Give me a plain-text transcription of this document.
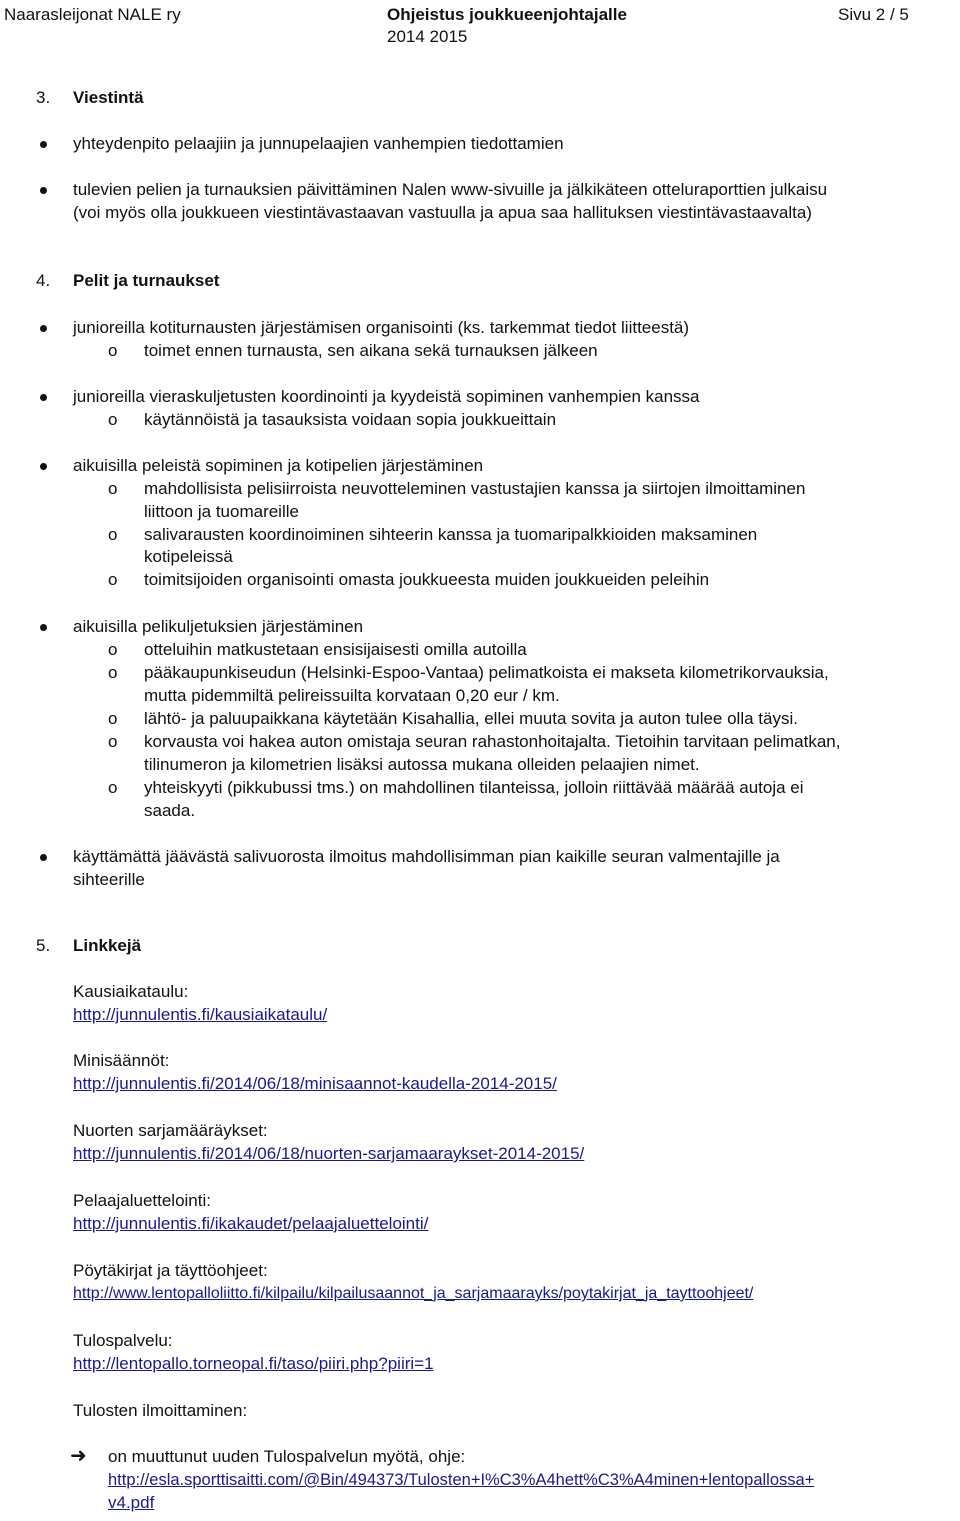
Naarasleijonat NALE ry	Ohjeistus joukkueenjohtajalle
2014 2015
Sivu 2 / 5
3. Viestintä
yhteydenpito pelaajiin ja junnupelaajien vanhempien tiedottamien
tulevien pelien ja turnauksien päivittäminen Nalen www-sivuille ja jälkikäteen otteluraporttien julkaisu
(voi myös olla joukkueen viestintävastaavan vastuulla ja apua saa hallituksen viestintävastaavalta)
4. Pelit ja turnaukset
junioreilla kotiturnausten järjestämisen organisointi (ks. tarkemmat tiedot liitteestä)
o toimet ennen turnausta, sen aikana sekä turnauksen jälkeen
junioreilla vieraskuljetusten koordinointi ja kyydeistä sopiminen vanhempien kanssa
o käytännöistä ja tasauksista voidaan sopia joukkueittain
aikuisilla peleistä sopiminen ja kotipelien järjestäminen
o mahdollisista pelisiirroista neuvotteleminen vastustajien kanssa ja siirtojen ilmoittaminen
liittoon ja tuomareille
o salivarausten koordinoiminen sihteerin kanssa ja tuomaripalkkioiden maksaminen
kotipeleissä
o toimitsijoiden organisointi omasta joukkueesta muiden joukkueiden peleihin
aikuisilla pelikuljetuksien järjestäminen
o otteluihin matkustetaan ensisijaisesti omilla autoilla
o pääkaupunkiseudun (Helsinki-Espoo-Vantaa) pelimatkoista ei makseta kilometrikorvauksia,
mutta pidemmiltä pelireissuilta korvataan 0,20 eur / km.
o lähtö- ja paluupaikkana käytetään Kisahallia, ellei muuta sovita ja auton tulee olla täysi.
o korvausta voi hakea auton omistaja seuran rahastonhoitajalta. Tietoihin tarvitaan pelimatkan,
tilinumeron ja kilometrien lisäksi autossa mukana olleiden pelaajien nimet.
o yhteiskyyti (pikkubussi tms.) on mahdollinen tilanteissa, jolloin riittävää määrää autoja ei
saada.
käyttämättä jäävästä salivuorosta ilmoitus mahdollisimman pian kaikille seuran valmentajille ja
sihteerille
5. Linkkejä
Kausiaikataulu:
http://junnulentis.fi/kausiaikataulu/
Minisäännöt:
http://junnulentis.fi/2014/06/18/minisaannot-kaudella-2014-2015/
Nuorten sarjamääräykset:
http://junnulentis.fi/2014/06/18/nuorten-sarjamaaraykset-2014-2015/
Pelaajaluettelointi:
http://junnulentis.fi/ikakaudet/pelaajaluettelointi/
Pöytäkirjat ja täyttöohjeet:
http://www.lentopalloliitto.fi/kilpailu/kilpailusaannot_ja_sarjamaarayks/poytakirjat_ja_tayttoohjeet/
Tulospalvelu:
http://lentopallo.torneopal.fi/taso/piiri.php?piiri=1
Tulosten ilmoittaminen:
➜ on muuttunut uuden Tulospalvelun myötä, ohje:
http://esla.sporttisaitti.com/@Bin/494373/Tulosten+I%C3%A4hett%C3%A4minen+lentopallossa+
v4.pdf
